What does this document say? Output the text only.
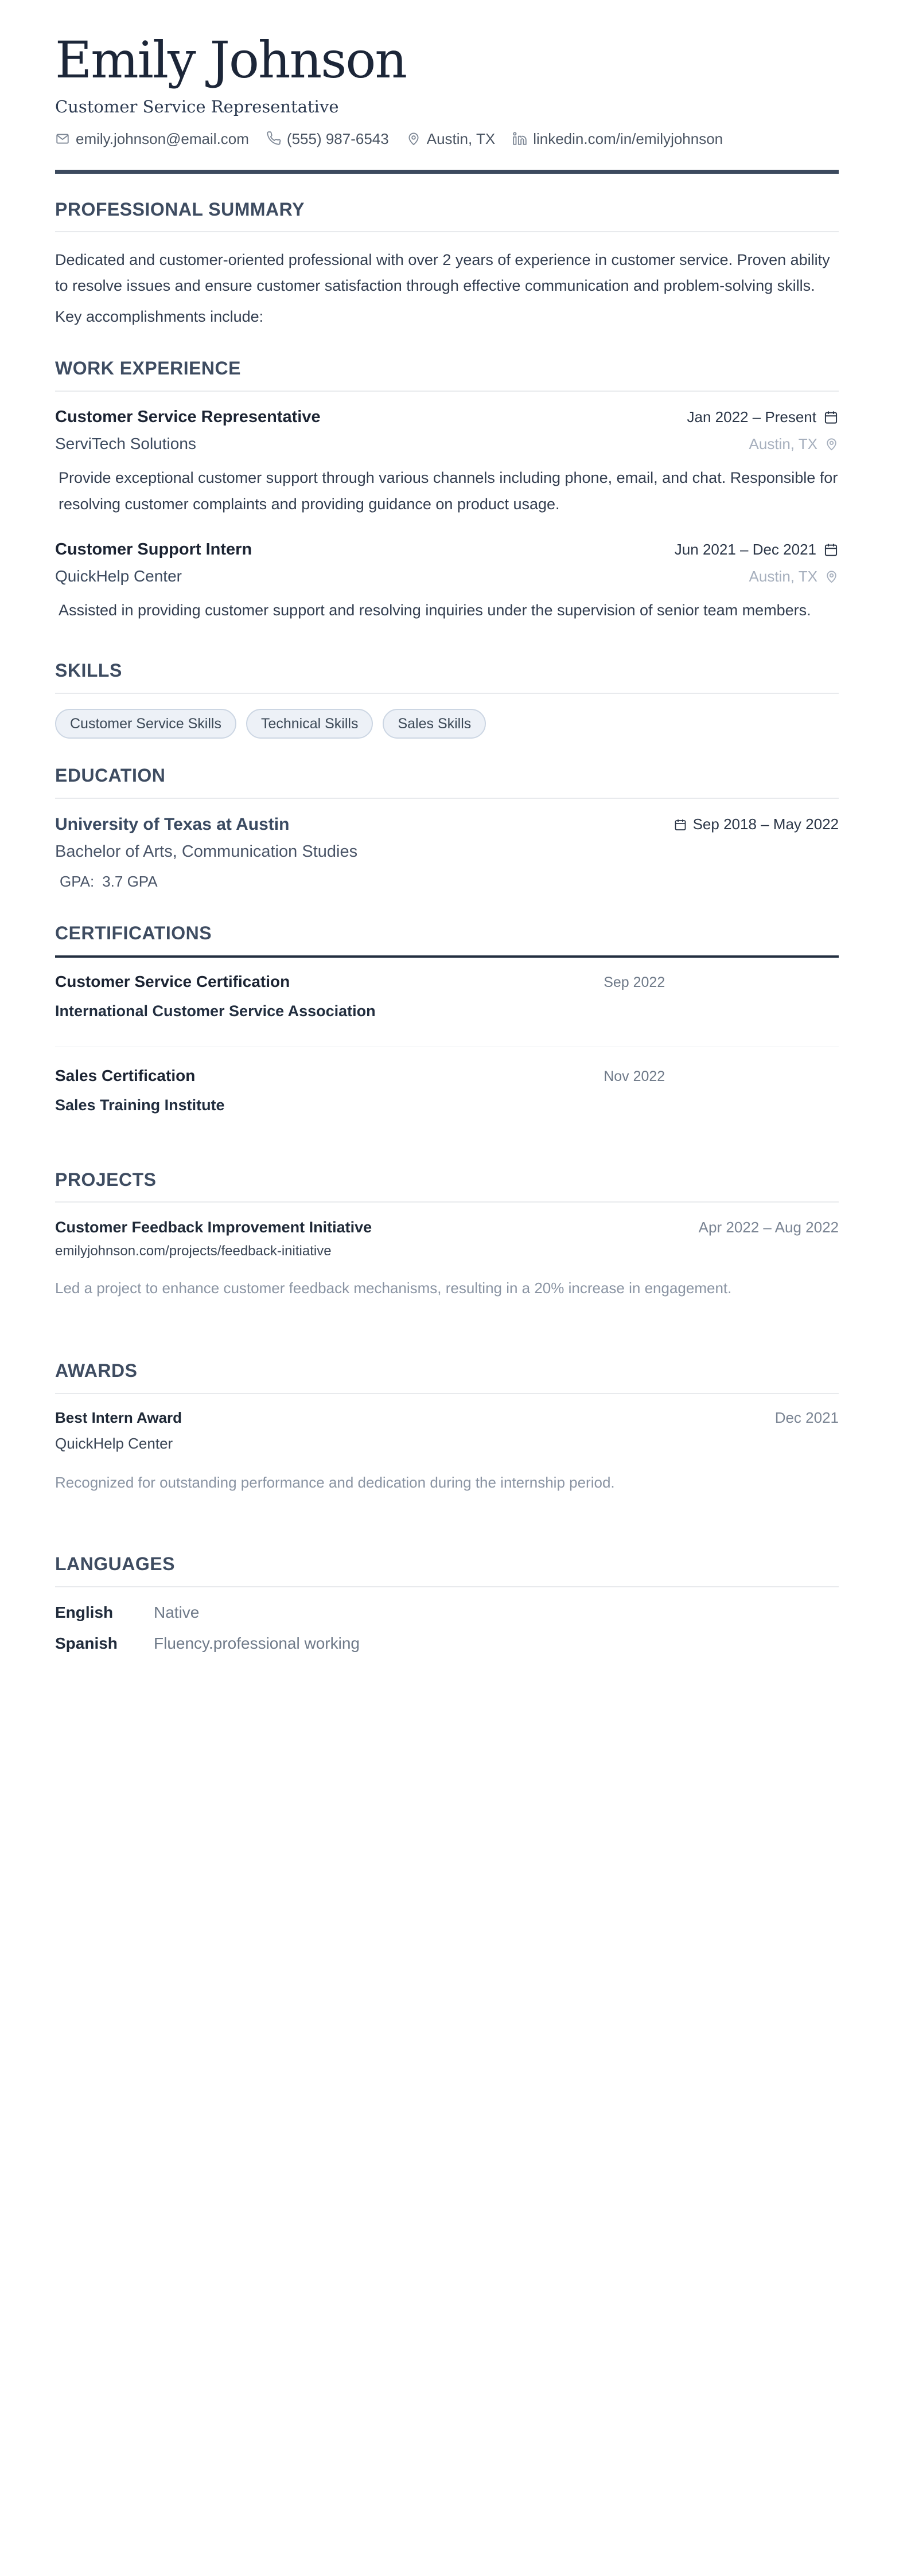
Emily Johnson
Customer Service Representative
emily.johnson@email.com	(555) 987-6543	Austin, TX	linkedin.com/in/emilyjohnson
PROFESSIONAL SUMMARY

Dedicated and customer-oriented professional with over 2 years of experience in customer service. Proven ability to resolve issues and ensure customer satisfaction through effective communication and problem-solving skills.

Key accomplishments include:

WORK EXPERIENCE
Customer Service Representative	Jan 2022 – Present
ServiTech Solutions	Austin, TX

Provide exceptional customer support through various channels including phone, email, and chat. Responsible for resolving customer complaints and providing guidance on product usage.

Customer Support Intern	Jun 2021 – Dec 2021
QuickHelp Center	Austin, TX

Assisted in providing customer support and resolving inquiries under the supervision of senior team members.

SKILLS
Customer Service Skills	Technical Skills	Sales Skills
EDUCATION
University of Texas at Austin	Sep 2018 – May 2022
Bachelor of Arts, Communication Studies
GPA: 3.7 GPA
CERTIFICATIONS
Customer Service Certification	Sep 2022
International Customer Service Association
Sales Certification	Nov 2022
Sales Training Institute
PROJECTS
Customer Feedback Improvement Initiative	Apr 2022 – Aug 2022
emilyjohnson.com/projects/feedback-initiative

Led a project to enhance customer feedback mechanisms, resulting in a 20% increase in engagement.

AWARDS
Best Intern Award	Dec 2021
QuickHelp Center

Recognized for outstanding performance and dedication during the internship period.

LANGUAGES
English	Native
Spanish	Fluency.professional working
